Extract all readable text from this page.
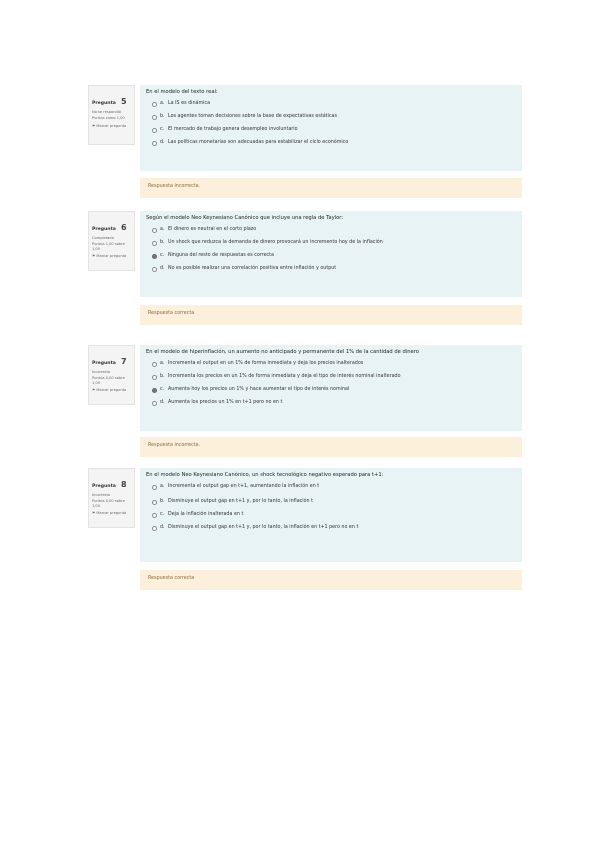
Pregunta 5
No se respondió
Puntúa como 1,00
⚑ Marcar pregunta
En el modelo del texto real:
a. La IS es dinámica
b. Los agentes toman decisiones sobre la base de expectativas estáticas
c. El mercado de trabajo genera desempleo involuntario
d. Las políticas monetarias son adecuadas para estabilizar el ciclo económico
Respuesta incorrecta.
Pregunta 6
Completada
Puntúa 1,00 sobre 1,00
⚑ Marcar pregunta
Según el modelo Neo Keynesiano Canónico que incluye una regla de Taylor:
a. El dinero es neutral en el corto plazo
b. Un shock que reduzca la demanda de dinero provocará un incremento hoy de la inflación
c. Ninguna del resto de respuestas es correcta
d. No es posible realizar una correlación positiva entre inflación y output
Respuesta correcta
Pregunta 7
Incorrecta
Puntúa 0,00 sobre 1,00
⚑ Marcar pregunta
En el modelo de hiperinflación, un aumento no anticipado y permanente del 1% de la cantidad de dinero
a. Incrementa el output en un 1% de forma inmediata y deja los precios inalterados
b. Incrementa los precios en un 1% de forma inmediata y deja el tipo de interés nominal inalterado
c. Aumenta hoy los precios un 1% y hace aumentar el tipo de interés nominal
d. Aumenta los precios un 1% en t+1 pero no en t
Respuesta incorrecta.
Pregunta 8
Incorrecta
Puntúa 0,00 sobre 1,00
⚑ Marcar pregunta
En el modelo Neo Keynesiano Canónico, un shock tecnológico negativo esperado para t+1:
a. Incrementa el output gap en t+1, aumentando la inflación en t
b. Disminuye el output gap en t+1 y, por lo tanto, la inflación t
c. Deja la inflación inalterada en t
d. Disminuye el output gap en t+1 y, por lo tanto, la inflación en t+1 pero no en t
Respuesta correcta
